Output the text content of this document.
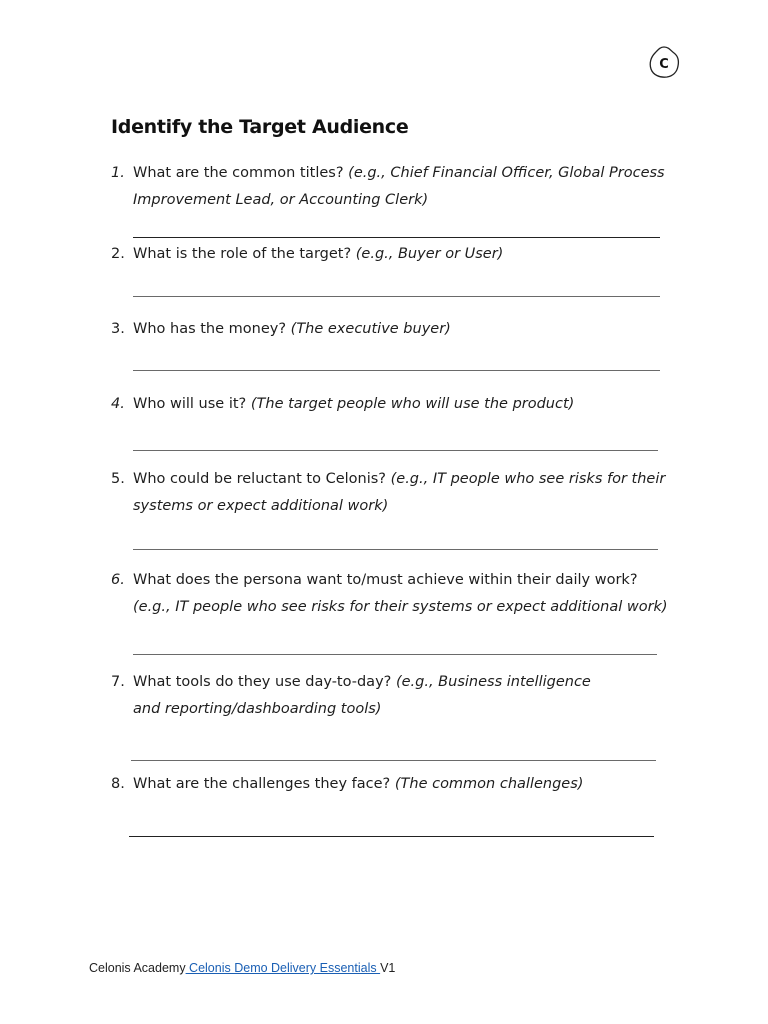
C
Identify the Target Audience
1. What are the common titles? (e.g., Chief Financial Officer, Global Process Improvement Lead, or Accounting Clerk)
2. What is the role of the target? (e.g., Buyer or User)
3. Who has the money? (The executive buyer)
4. Who will use it? (The target people who will use the product)
5. Who could be reluctant to Celonis? (e.g., IT people who see risks for their systems or expect additional work)
6. What does the persona want to/must achieve within their daily work? (e.g., IT people who see risks for their systems or expect additional work)
7. What tools do they use day-to-day? (e.g., Business intelligence and reporting/dashboarding tools)
8. What are the challenges they face? (The common challenges)
Celonis Academy Celonis Demo Delivery Essentials V1
